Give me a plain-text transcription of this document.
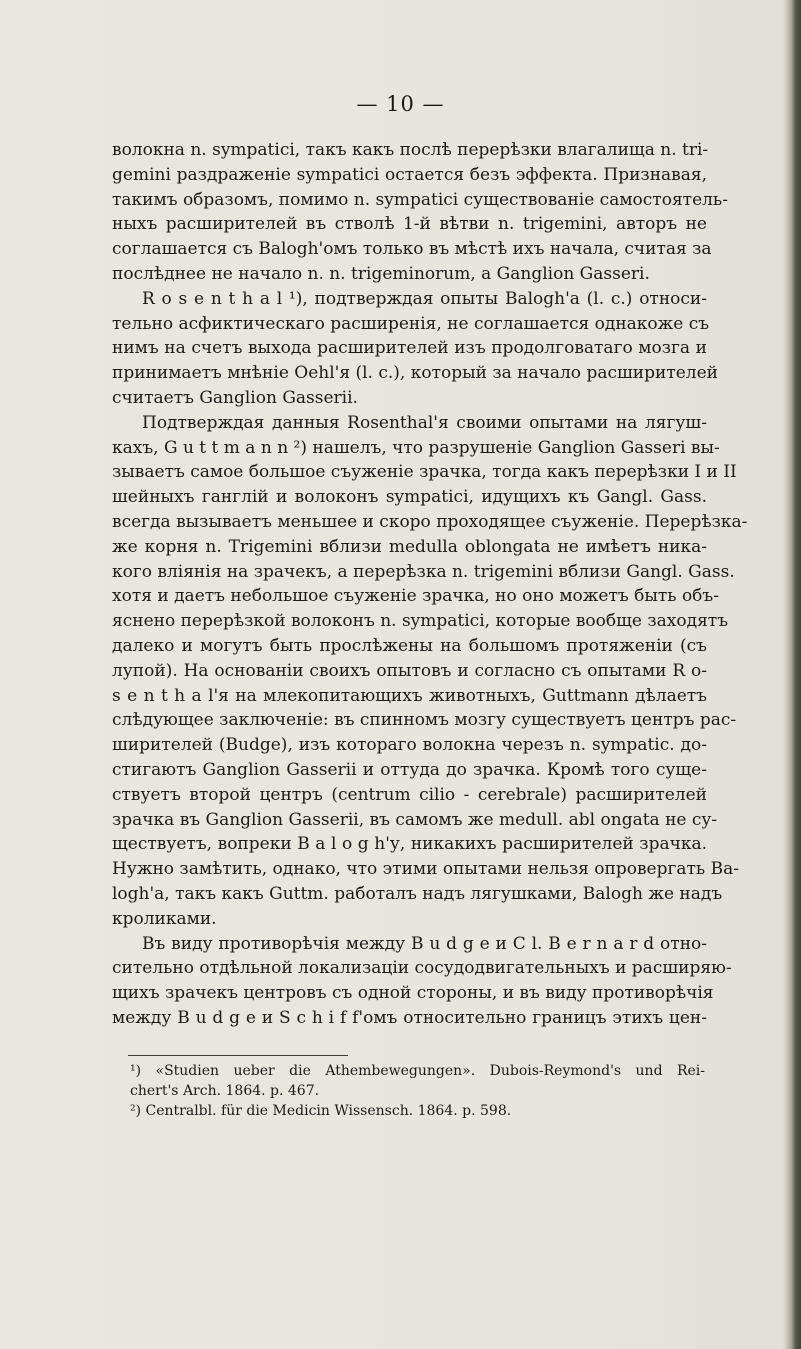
— 10 —
волокна n. sympaticі, такъ какъ послѣ перерѣзки влагалища n. tri-
gemini раздраженіе sympaticі остается безъ эффекта. Признавая,
такимъ образомъ, помимо n. sympaticі существованіе самостоятель-
ныхъ расширителей въ стволѣ 1-й вѣтви n. trigemini, авторъ не
соглашается съ Balogh'омъ только въ мѣстѣ ихъ начала, считая за
послѣднее не начало n. n. trigeminorum, а Ganglion Gasseri.
R o s e n t h a l ¹), подтверждая опыты Balogh'a (l. c.) относи-
тельно асфиктическаго расширенія, не соглашается однакоже съ
нимъ на счетъ выхода расширителей изъ продолговатаго мозга и
принимаетъ мнѣніе Oehl'я (l. c.), который за начало расширителей
считаетъ Ganglion Gasserii.
Подтверждая данныя Rosenthal'я своими опытами на лягуш-
кахъ, G u t t m a n n ²) нашелъ, что разрушеніе Ganglion Gasseri вы-
зываетъ самое большое съуженіе зрачка, тогда какъ перерѣзки I и II
шейныхъ ганглій и волоконъ sympaticі, идущихъ къ Gangl. Gass.
всегда вызываетъ меньшее и скоро проходящее съуженіе. Перерѣзка-
же корня n. Trigemini вблизи medulla oblongata не имѣетъ ника-
кого вліянія на зрачекъ, а перерѣзка n. trigemini вблизи Gangl. Gass.
хотя и даетъ небольшое съуженіе зрачка, но оно можетъ быть объ-
яснено перерѣзкой волоконъ n. sympaticі, которые вообще заходятъ
далеко и могутъ быть прослѣжены на большомъ протяженіи (съ
лупой). На основаніи своихъ опытовъ и согласно съ опытами R o-
s e n t h a l'я на млекопитающихъ животныхъ, Guttmann дѣлаетъ
слѣдующее заключеніе: въ спинномъ мозгу существуетъ центръ рас-
ширителей (Budge), изъ котораго волокна черезъ n. sympatic. до-
стигаютъ Ganglion Gasserii и оттуда до зрачка. Кромѣ того суще-
ствуетъ второй центръ (centrum cilio - cerebrale) расширителей
зрачка въ Ganglion Gasserii, въ самомъ же medull. abl ongata не су-
ществуетъ, вопреки B a l o g h'у, никакихъ расширителей зрачка.
Нужно замѣтить, однако, что этими опытами нельзя опровергать Ва-
logh'a, такъ какъ Guttm. работалъ надъ лягушками, Balogh же надъ
кроликами.
Въ виду противорѣчія между B u d g e и C l. B e r n a r d отно-
сительно отдѣльной локализаціи сосудодвигательныхъ и расширяю-
щихъ зрачекъ центровъ съ одной стороны, и въ виду противорѣчія
между B u d g e и S c h i f f'омъ относительно границъ этихъ цен-
¹) «Studien ueber die Athembewegungen». Dubois-Reymond's und Rei-
chert's Arch. 1864. p. 467.
²) Centralbl. für die Medicin Wissensch. 1864. p. 598.
